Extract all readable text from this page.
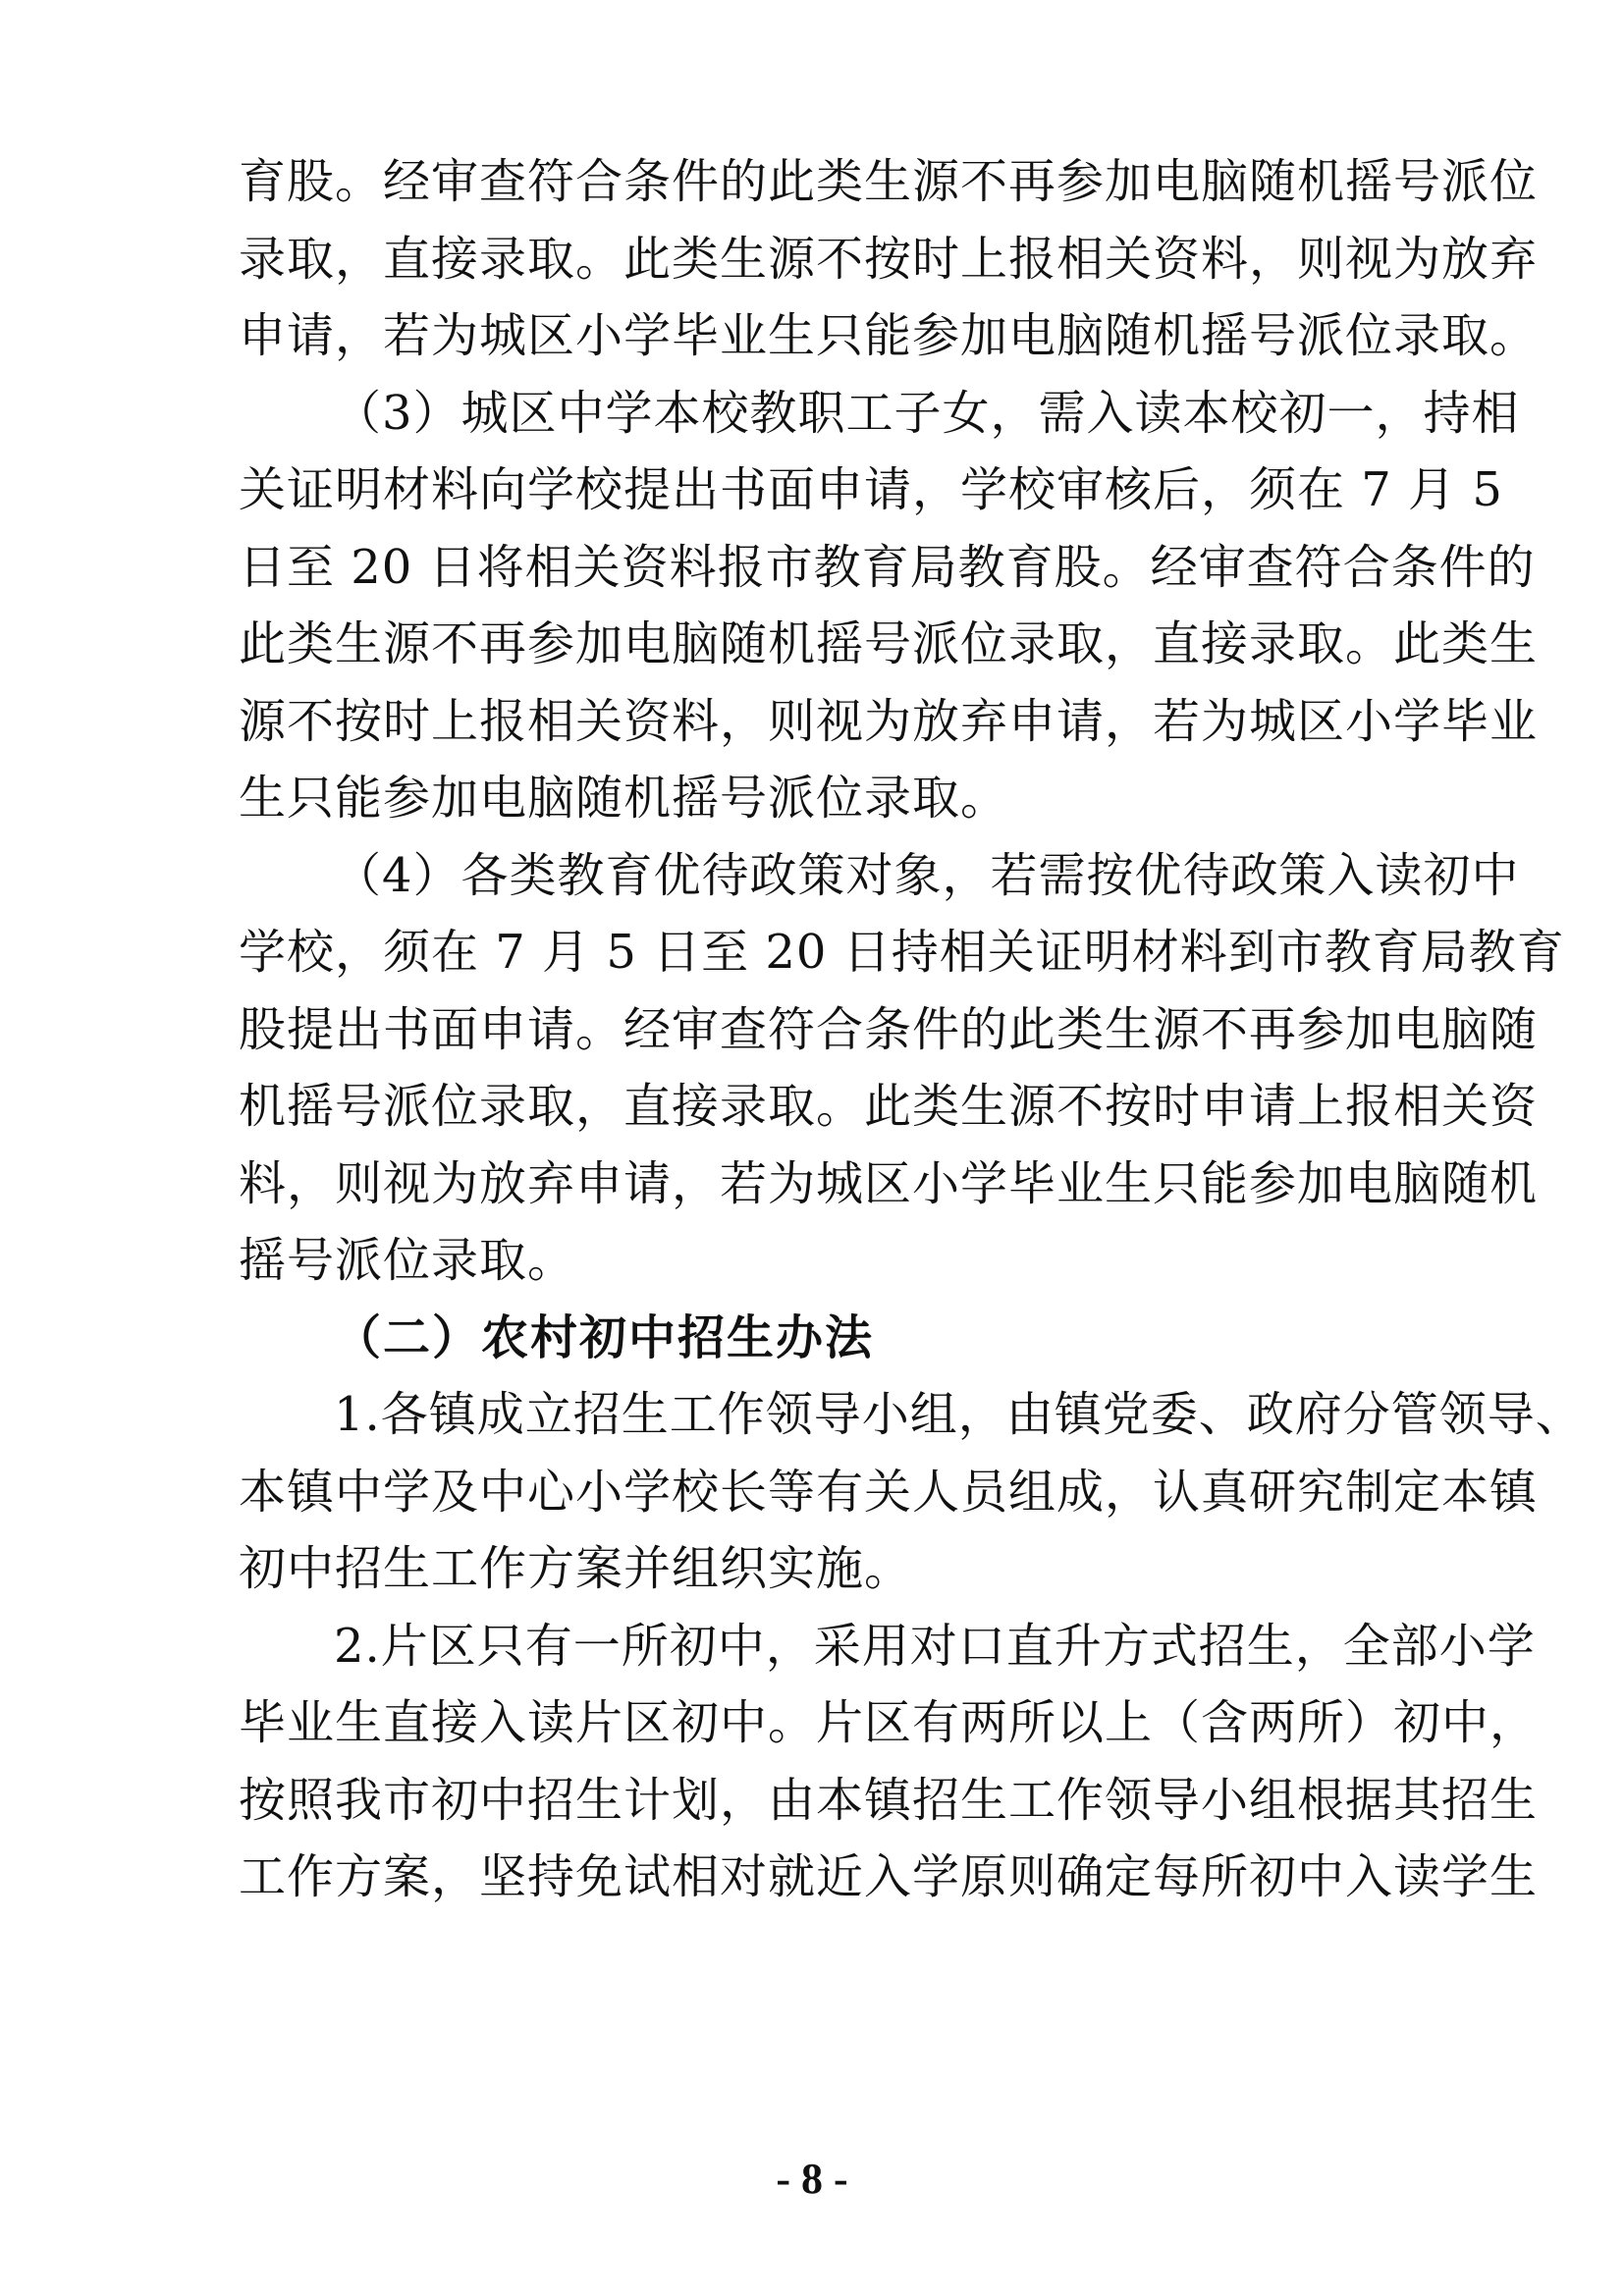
育股。经审查符合条件的此类生源不再参加电脑随机摇号派位
录取，直接录取。此类生源不按时上报相关资料，则视为放弃
申请，若为城区小学毕业生只能参加电脑随机摇号派位录取。
（3）城区中学本校教职工子女，需入读本校初一，持相
关证明材料向学校提出书面申请，学校审核后，须在 7 月 5
日至 20 日将相关资料报市教育局教育股。经审查符合条件的
此类生源不再参加电脑随机摇号派位录取，直接录取。此类生
源不按时上报相关资料，则视为放弃申请，若为城区小学毕业
生只能参加电脑随机摇号派位录取。
（4）各类教育优待政策对象，若需按优待政策入读初中
学校，须在 7 月 5 日至 20 日持相关证明材料到市教育局教育
股提出书面申请。经审查符合条件的此类生源不再参加电脑随
机摇号派位录取，直接录取。此类生源不按时申请上报相关资
料，则视为放弃申请，若为城区小学毕业生只能参加电脑随机
摇号派位录取。
（二）农村初中招生办法
1.各镇成立招生工作领导小组，由镇党委、政府分管领导、
本镇中学及中心小学校长等有关人员组成，认真研究制定本镇
初中招生工作方案并组织实施。
2.片区只有一所初中，采用对口直升方式招生，全部小学
毕业生直接入读片区初中。片区有两所以上（含两所）初中，
按照我市初中招生计划，由本镇招生工作领导小组根据其招生
工作方案，坚持免试相对就近入学原则确定每所初中入读学生
- 8 -
